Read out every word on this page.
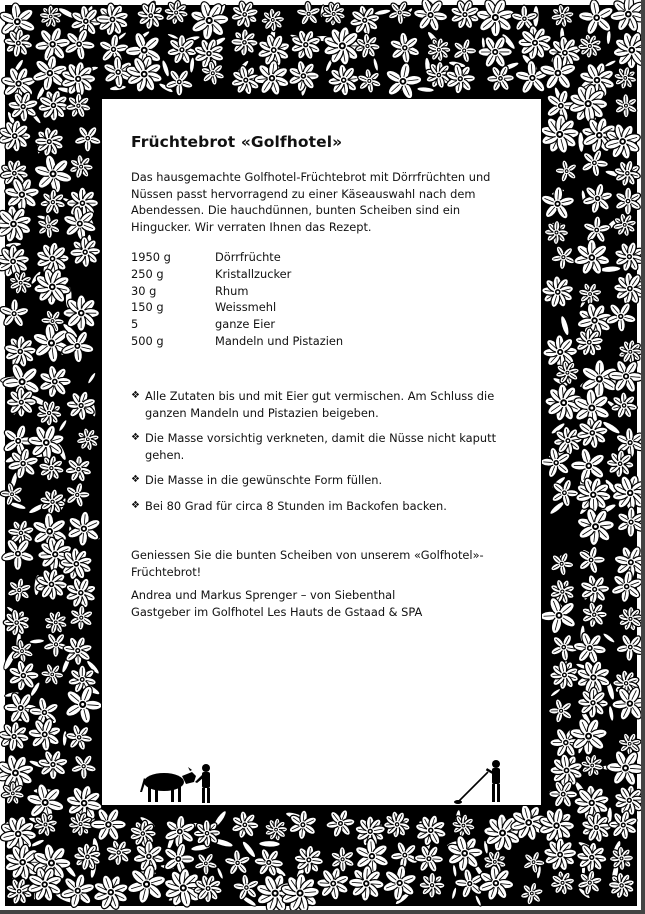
Früchtebrot «Golfhotel»

Das hausgemachte Golfhotel-Früchtebrot mit Dörrfrüchten und Nüssen passt hervorragend zu einer Käseauswahl nach dem Abendessen. Die hauchdünnen, bunten Scheiben sind ein Hingucker. Wir verraten Ihnen das Rezept.

1950 g	Dörrfrüchte
250 g	Kristallzucker
30 g	Rhum
150 g	Weissmehl
5	ganze Eier
500 g	Mandeln und Pistazien
❖ Alle Zutaten bis und mit Eier gut vermischen. Am Schluss die ganzen Mandeln und Pistazien beigeben.
❖ Die Masse vorsichtig verkneten, damit die Nüsse nicht kaputt gehen.
❖ Die Masse in die gewünschte Form füllen.
❖ Bei 80 Grad für circa 8 Stunden im Backofen backen.

Geniessen Sie die bunten Scheiben von unserem «Golfhotel»-Früchtebrot!

Andrea und Markus Sprenger – von Siebenthal
Gastgeber im Golfhotel Les Hauts de Gstaad & SPA
